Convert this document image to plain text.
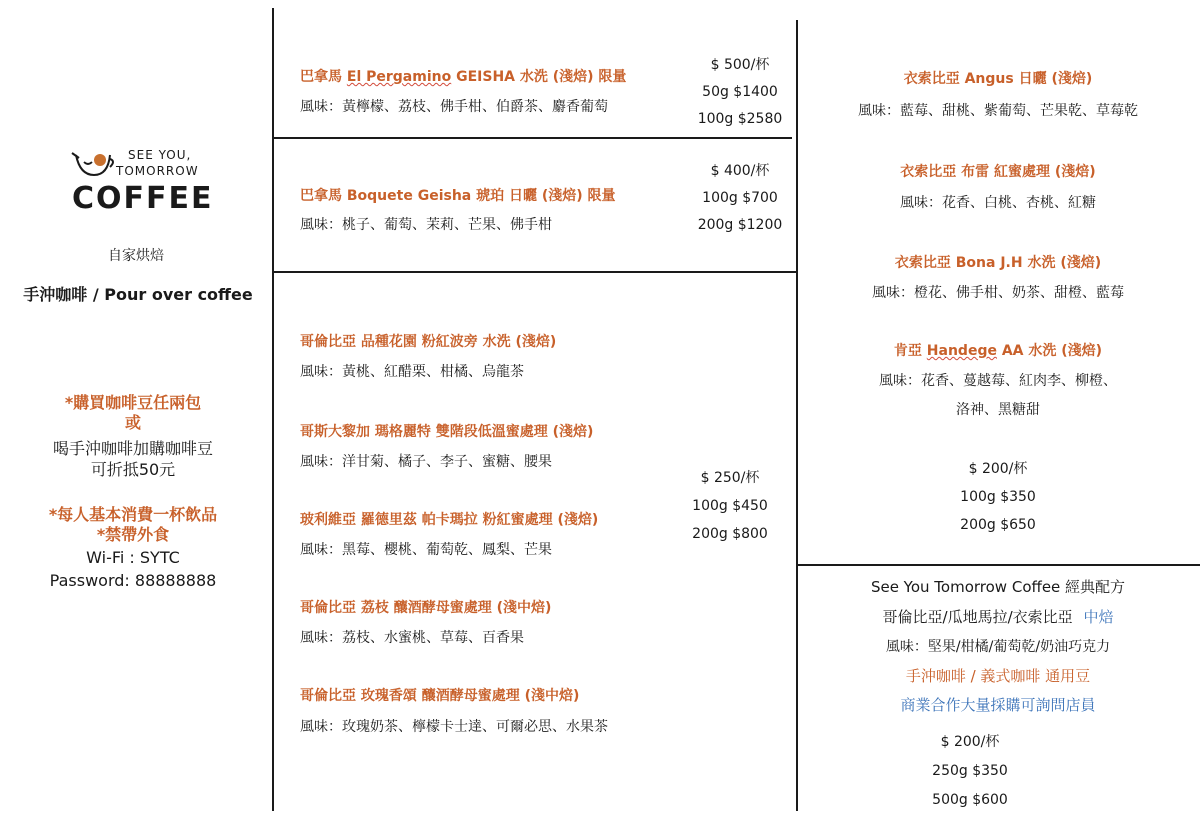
SEE YOU,
TOMORROW
COFFEE
自家烘焙
手沖咖啡 / Pour over coffee
*購買咖啡豆任兩包
或
喝手沖咖啡加購咖啡豆
可折抵50元
*每人基本消費一杯飲品
*禁帶外食
Wi-Fi : SYTC
Password: 88888888
巴拿馬 El Pergamino GEISHA 水洗 (淺焙) 限量
風味：黃檸檬、荔枝、佛手柑、伯爵茶、麝香葡萄
$ 500/杯
50g $1400
100g $2580
巴拿馬 Boquete Geisha 琥珀 日曬 (淺焙) 限量
風味：桃子、葡萄、茉莉、芒果、佛手柑
$ 400/杯
100g $700
200g $1200
哥倫比亞 品種花園 粉紅波旁 水洗 (淺焙)
風味：黃桃、紅醋栗、柑橘、烏龍茶
哥斯大黎加 瑪格麗特 雙階段低溫蜜處理 (淺焙)
風味：洋甘菊、橘子、李子、蜜糖、腰果
玻利維亞 羅德里茲 帕卡瑪拉 粉紅蜜處理 (淺焙)
風味：黑莓、櫻桃、葡萄乾、鳳梨、芒果
哥倫比亞 荔枝 釀酒酵母蜜處理 (淺中焙)
風味：荔枝、水蜜桃、草莓、百香果
哥倫比亞 玫瑰香頌 釀酒酵母蜜處理 (淺中焙)
風味：玫瑰奶茶、檸檬卡士達、可爾必思、水果茶
$ 250/杯
100g $450
200g $800
衣索比亞 Angus 日曬 (淺焙)
風味：藍莓、甜桃、紫葡萄、芒果乾、草莓乾
衣索比亞 布雷 紅蜜處理 (淺焙)
風味：花香、白桃、杏桃、紅糖
衣索比亞 Bona J.H 水洗 (淺焙)
風味：橙花、佛手柑、奶茶、甜橙、藍莓
肯亞 Handege AA 水洗 (淺焙)
風味：花香、蔓越莓、紅肉李、柳橙、
洛神、黑糖甜
$ 200/杯
100g $350
200g $650
See You Tomorrow Coffee 經典配方
哥倫比亞/瓜地馬拉/衣索比亞 中焙
風味：堅果/柑橘/葡萄乾/奶油巧克力
手沖咖啡 / 義式咖啡 通用豆
商業合作大量採購可詢問店員
$ 200/杯
250g $350
500g $600
